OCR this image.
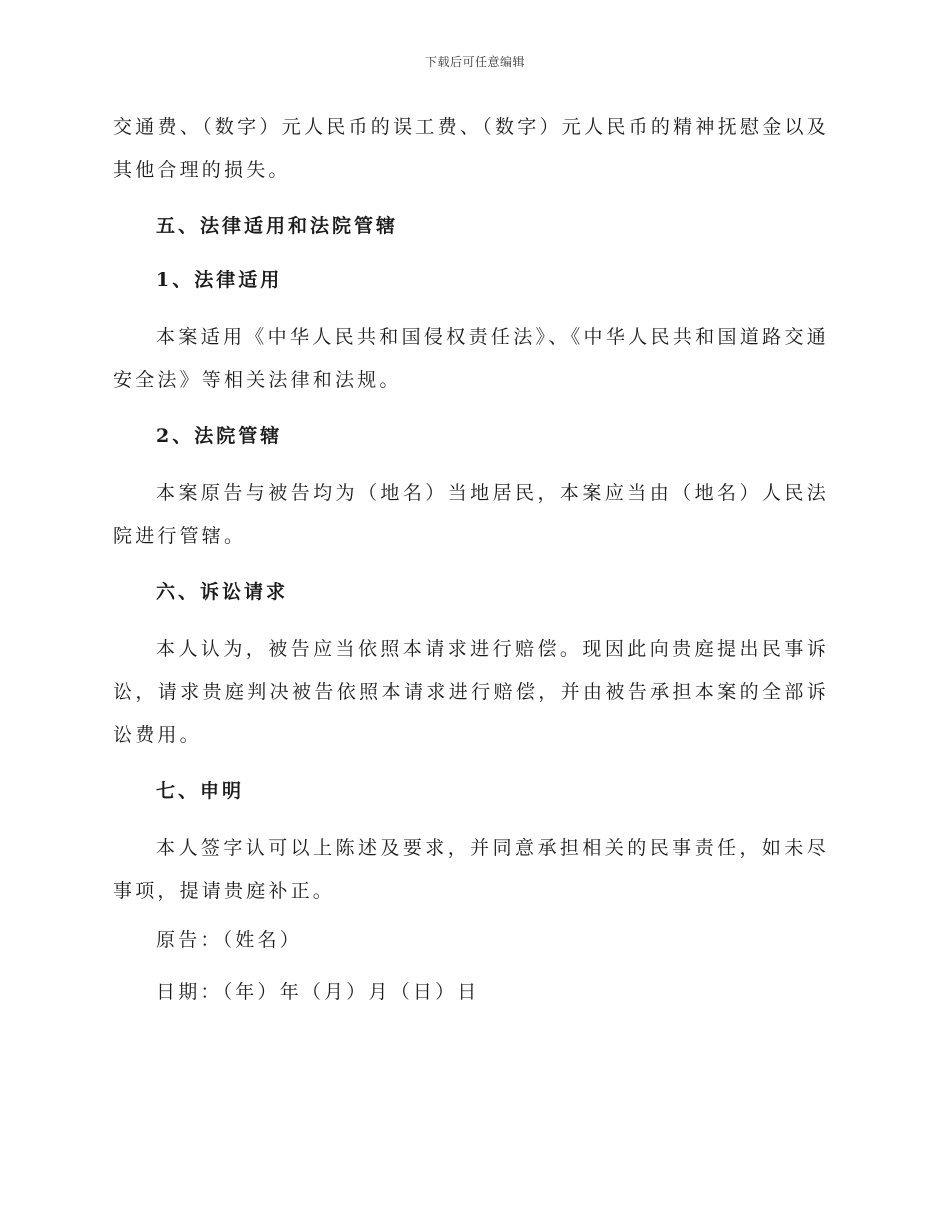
下载后可任意编辑

交通费、（数字）元人民币的误工费、（数字）元人民币的精神抚慰金以及其他合理的损失。

五、法律适用和法院管辖
1、法律适用

本案适用《中华人民共和国侵权责任法》、《中华人民共和国道路交通安全法》等相关法律和法规。

2、法院管辖

本案原告与被告均为（地名）当地居民，本案应当由（地名）人民法院进行管辖。

六、诉讼请求

本人认为，被告应当依照本请求进行赔偿。现因此向贵庭提出民事诉讼，请求贵庭判决被告依照本请求进行赔偿，并由被告承担本案的全部诉讼费用。

七、申明

本人签字认可以上陈述及要求，并同意承担相关的民事责任，如未尽事项，提请贵庭补正。

原告：（姓名）
日期：（年）年（月）月（日）日
